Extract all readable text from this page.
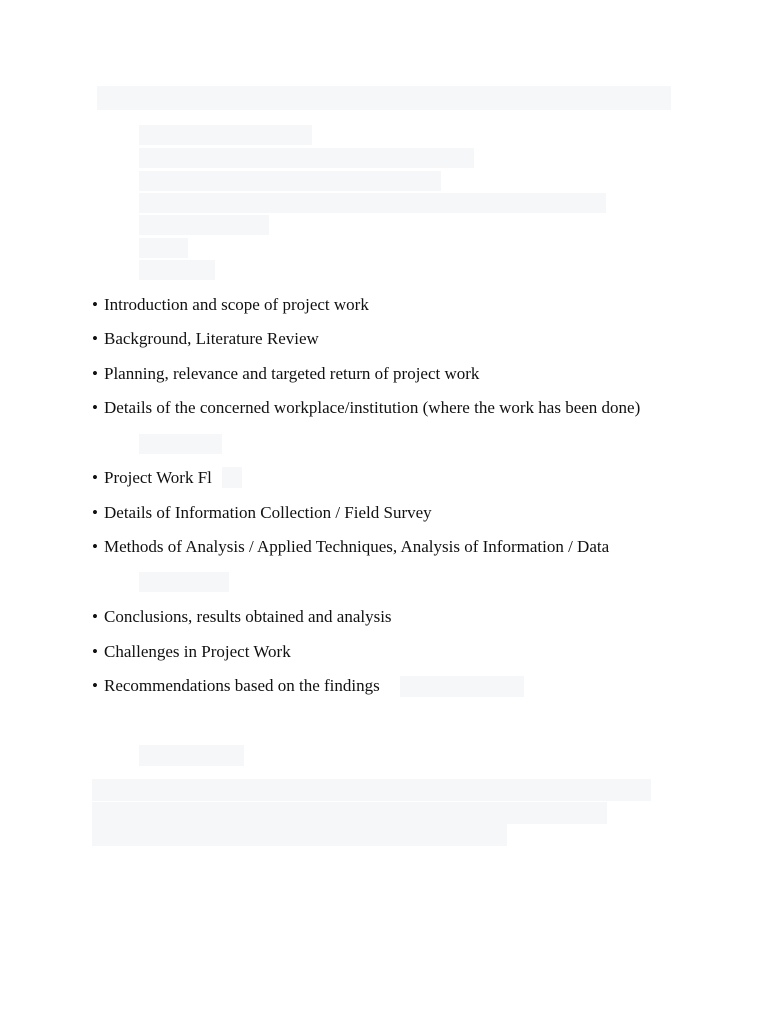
• Introduction and scope of project work
• Background, Literature Review
• Planning, relevance and targeted return of project work
• Details of the concerned workplace/institution (where the work has been done)
• Project Work Fl
• Details of Information Collection / Field Survey
• Methods of Analysis / Applied Techniques, Analysis of Information / Data
• Conclusions, results obtained and analysis
• Challenges in Project Work
• Recommendations based on the findings
